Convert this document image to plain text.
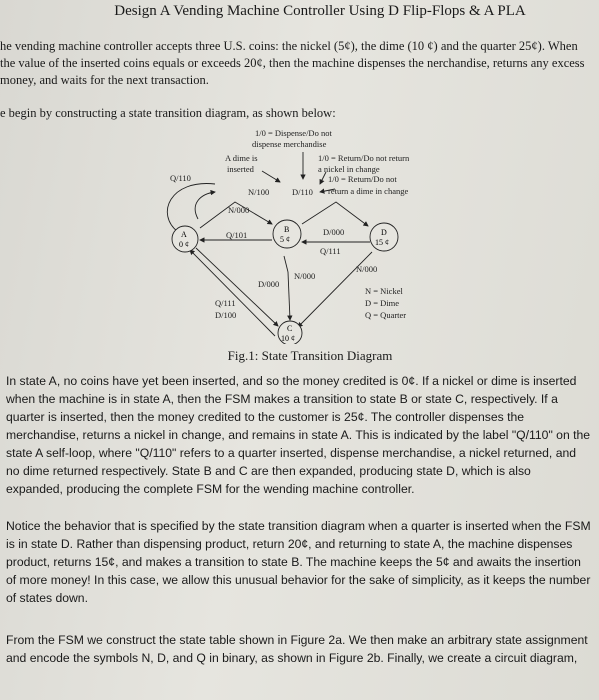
Design A Vending Machine Controller Using D Flip-Flops & A PLA

he vending machine controller accepts three U.S. coins: the nickel (5¢), the dime (10 ¢) and the quarter 25¢). When the value of the inserted coins equals or exceeds 20¢, then the machine dispenses the nerchandise, returns any excess money, and waits for the next transaction.

e begin by constructing a state transition diagram, as shown below:

1/0 = Dispense/Do not
dispense merchandise
A dime is
inserted
1/0 = Return/Do not return
a nickel in change
1/0 = Return/Do not
return a dime in change
Q/110
N/100	D/110
A
0 ¢
B
5 ¢
D
15 ¢
C
10 ¢
N/000
Q/101	D/000
Q/111
N/000
N/000
D/000
Q/111
D/100
N = Nickel
D = Dime
Q = Quarter
Fig.1: State Transition Diagram

In state A, no coins have yet been inserted, and so the money credited is 0¢. If a nickel or dime is inserted when the machine is in state A, then the FSM makes a transition to state B or state C, respectively. If a quarter is inserted, then the money credited to the customer is 25¢. The controller dispenses the merchandise, returns a nickel in change, and remains in state A. This is indicated by the label "Q/110" on the state A self-loop, where "Q/110" refers to a quarter inserted, dispense merchandise, a nickel returned, and no dime returned respectively. State B and C are then expanded, producing state D, which is also expanded, producing the complete FSM for the wending machine controller.

Notice the behavior that is specified by the state transition diagram when a quarter is inserted when the FSM is in state D. Rather than dispensing product, return 20¢, and returning to state A, the machine dispenses product, returns 15¢, and makes a transition to state B. The machine keeps the 5¢ and awaits the insertion of more money! In this case, we allow this unusual behavior for the sake of simplicity, as it keeps the number of states down.

From the FSM we construct the state table shown in Figure 2a. We then make an arbitrary state assignment and encode the symbols N, D, and Q in binary, as shown in Figure 2b. Finally, we create a circuit diagram,
